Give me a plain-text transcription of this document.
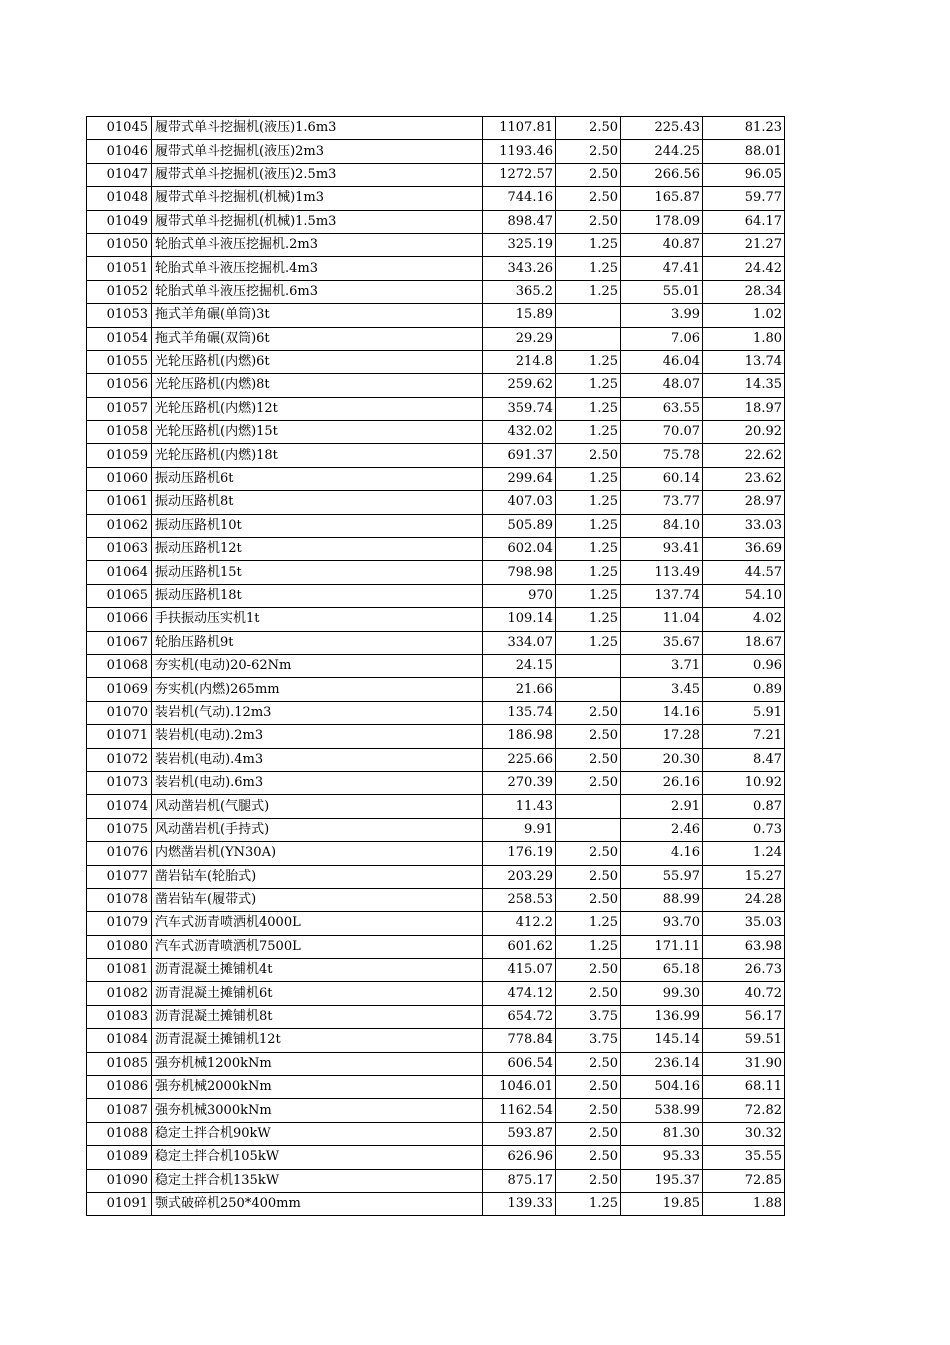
01045	履带式单斗挖掘机(液压)1.6m3	1107.81	2.50	225.43	81.23
01046	履带式单斗挖掘机(液压)2m3	1193.46	2.50	244.25	88.01
01047	履带式单斗挖掘机(液压)2.5m3	1272.57	2.50	266.56	96.05
01048	履带式单斗挖掘机(机械)1m3	744.16	2.50	165.87	59.77
01049	履带式单斗挖掘机(机械)1.5m3	898.47	2.50	178.09	64.17
01050	轮胎式单斗液压挖掘机.2m3	325.19	1.25	40.87	21.27
01051	轮胎式单斗液压挖掘机.4m3	343.26	1.25	47.41	24.42
01052	轮胎式单斗液压挖掘机.6m3	365.2	1.25	55.01	28.34
01053	拖式羊角碾(单筒)3t	15.89		3.99	1.02
01054	拖式羊角碾(双筒)6t	29.29		7.06	1.80
01055	光轮压路机(内燃)6t	214.8	1.25	46.04	13.74
01056	光轮压路机(内燃)8t	259.62	1.25	48.07	14.35
01057	光轮压路机(内燃)12t	359.74	1.25	63.55	18.97
01058	光轮压路机(内燃)15t	432.02	1.25	70.07	20.92
01059	光轮压路机(内燃)18t	691.37	2.50	75.78	22.62
01060	振动压路机6t	299.64	1.25	60.14	23.62
01061	振动压路机8t	407.03	1.25	73.77	28.97
01062	振动压路机10t	505.89	1.25	84.10	33.03
01063	振动压路机12t	602.04	1.25	93.41	36.69
01064	振动压路机15t	798.98	1.25	113.49	44.57
01065	振动压路机18t	970	1.25	137.74	54.10
01066	手扶振动压实机1t	109.14	1.25	11.04	4.02
01067	轮胎压路机9t	334.07	1.25	35.67	18.67
01068	夯实机(电动)20-62Nm	24.15		3.71	0.96
01069	夯实机(内燃)265mm	21.66		3.45	0.89
01070	装岩机(气动).12m3	135.74	2.50	14.16	5.91
01071	装岩机(电动).2m3	186.98	2.50	17.28	7.21
01072	装岩机(电动).4m3	225.66	2.50	20.30	8.47
01073	装岩机(电动).6m3	270.39	2.50	26.16	10.92
01074	风动凿岩机(气腿式)	11.43		2.91	0.87
01075	风动凿岩机(手持式)	9.91		2.46	0.73
01076	内燃凿岩机(YN30A)	176.19	2.50	4.16	1.24
01077	凿岩钻车(轮胎式)	203.29	2.50	55.97	15.27
01078	凿岩钻车(履带式)	258.53	2.50	88.99	24.28
01079	汽车式沥青喷洒机4000L	412.2	1.25	93.70	35.03
01080	汽车式沥青喷洒机7500L	601.62	1.25	171.11	63.98
01081	沥青混凝土摊铺机4t	415.07	2.50	65.18	26.73
01082	沥青混凝土摊铺机6t	474.12	2.50	99.30	40.72
01083	沥青混凝土摊铺机8t	654.72	3.75	136.99	56.17
01084	沥青混凝土摊铺机12t	778.84	3.75	145.14	59.51
01085	强夯机械1200kNm	606.54	2.50	236.14	31.90
01086	强夯机械2000kNm	1046.01	2.50	504.16	68.11
01087	强夯机械3000kNm	1162.54	2.50	538.99	72.82
01088	稳定土拌合机90kW	593.87	2.50	81.30	30.32
01089	稳定土拌合机105kW	626.96	2.50	95.33	35.55
01090	稳定土拌合机135kW	875.17	2.50	195.37	72.85
01091	颚式破碎机250*400mm	139.33	1.25	19.85	1.88
